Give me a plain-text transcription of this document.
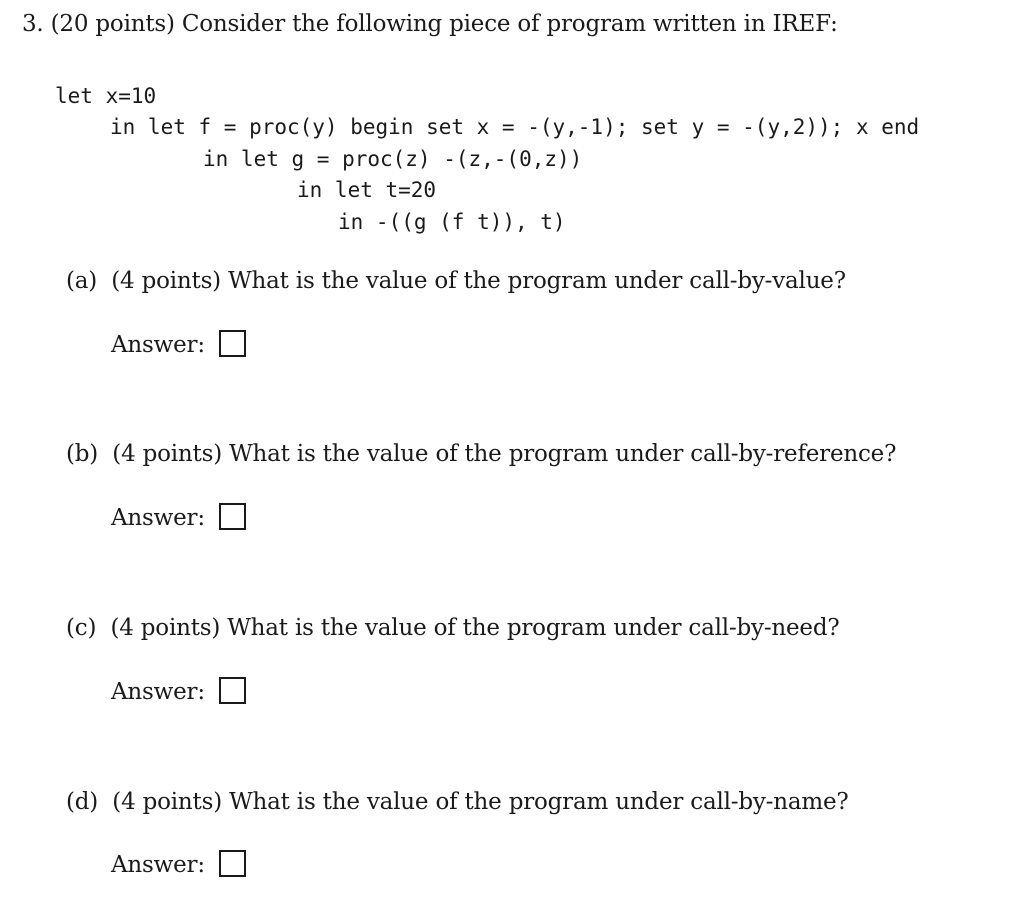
3. (20 points) Consider the following piece of program written in IREF:
let x=10
in let f = proc(y) begin set x = -(y,-1); set y = -(y,2)); x end
in let g = proc(z) -(z,-(0,z))
in let t=20
in -((g (f t)), t)
(a)  (4 points) What is the value of the program under call-by-value?
Answer:
(b)  (4 points) What is the value of the program under call-by-reference?
Answer:
(c)  (4 points) What is the value of the program under call-by-need?
Answer:
(d)  (4 points) What is the value of the program under call-by-name?
Answer:
